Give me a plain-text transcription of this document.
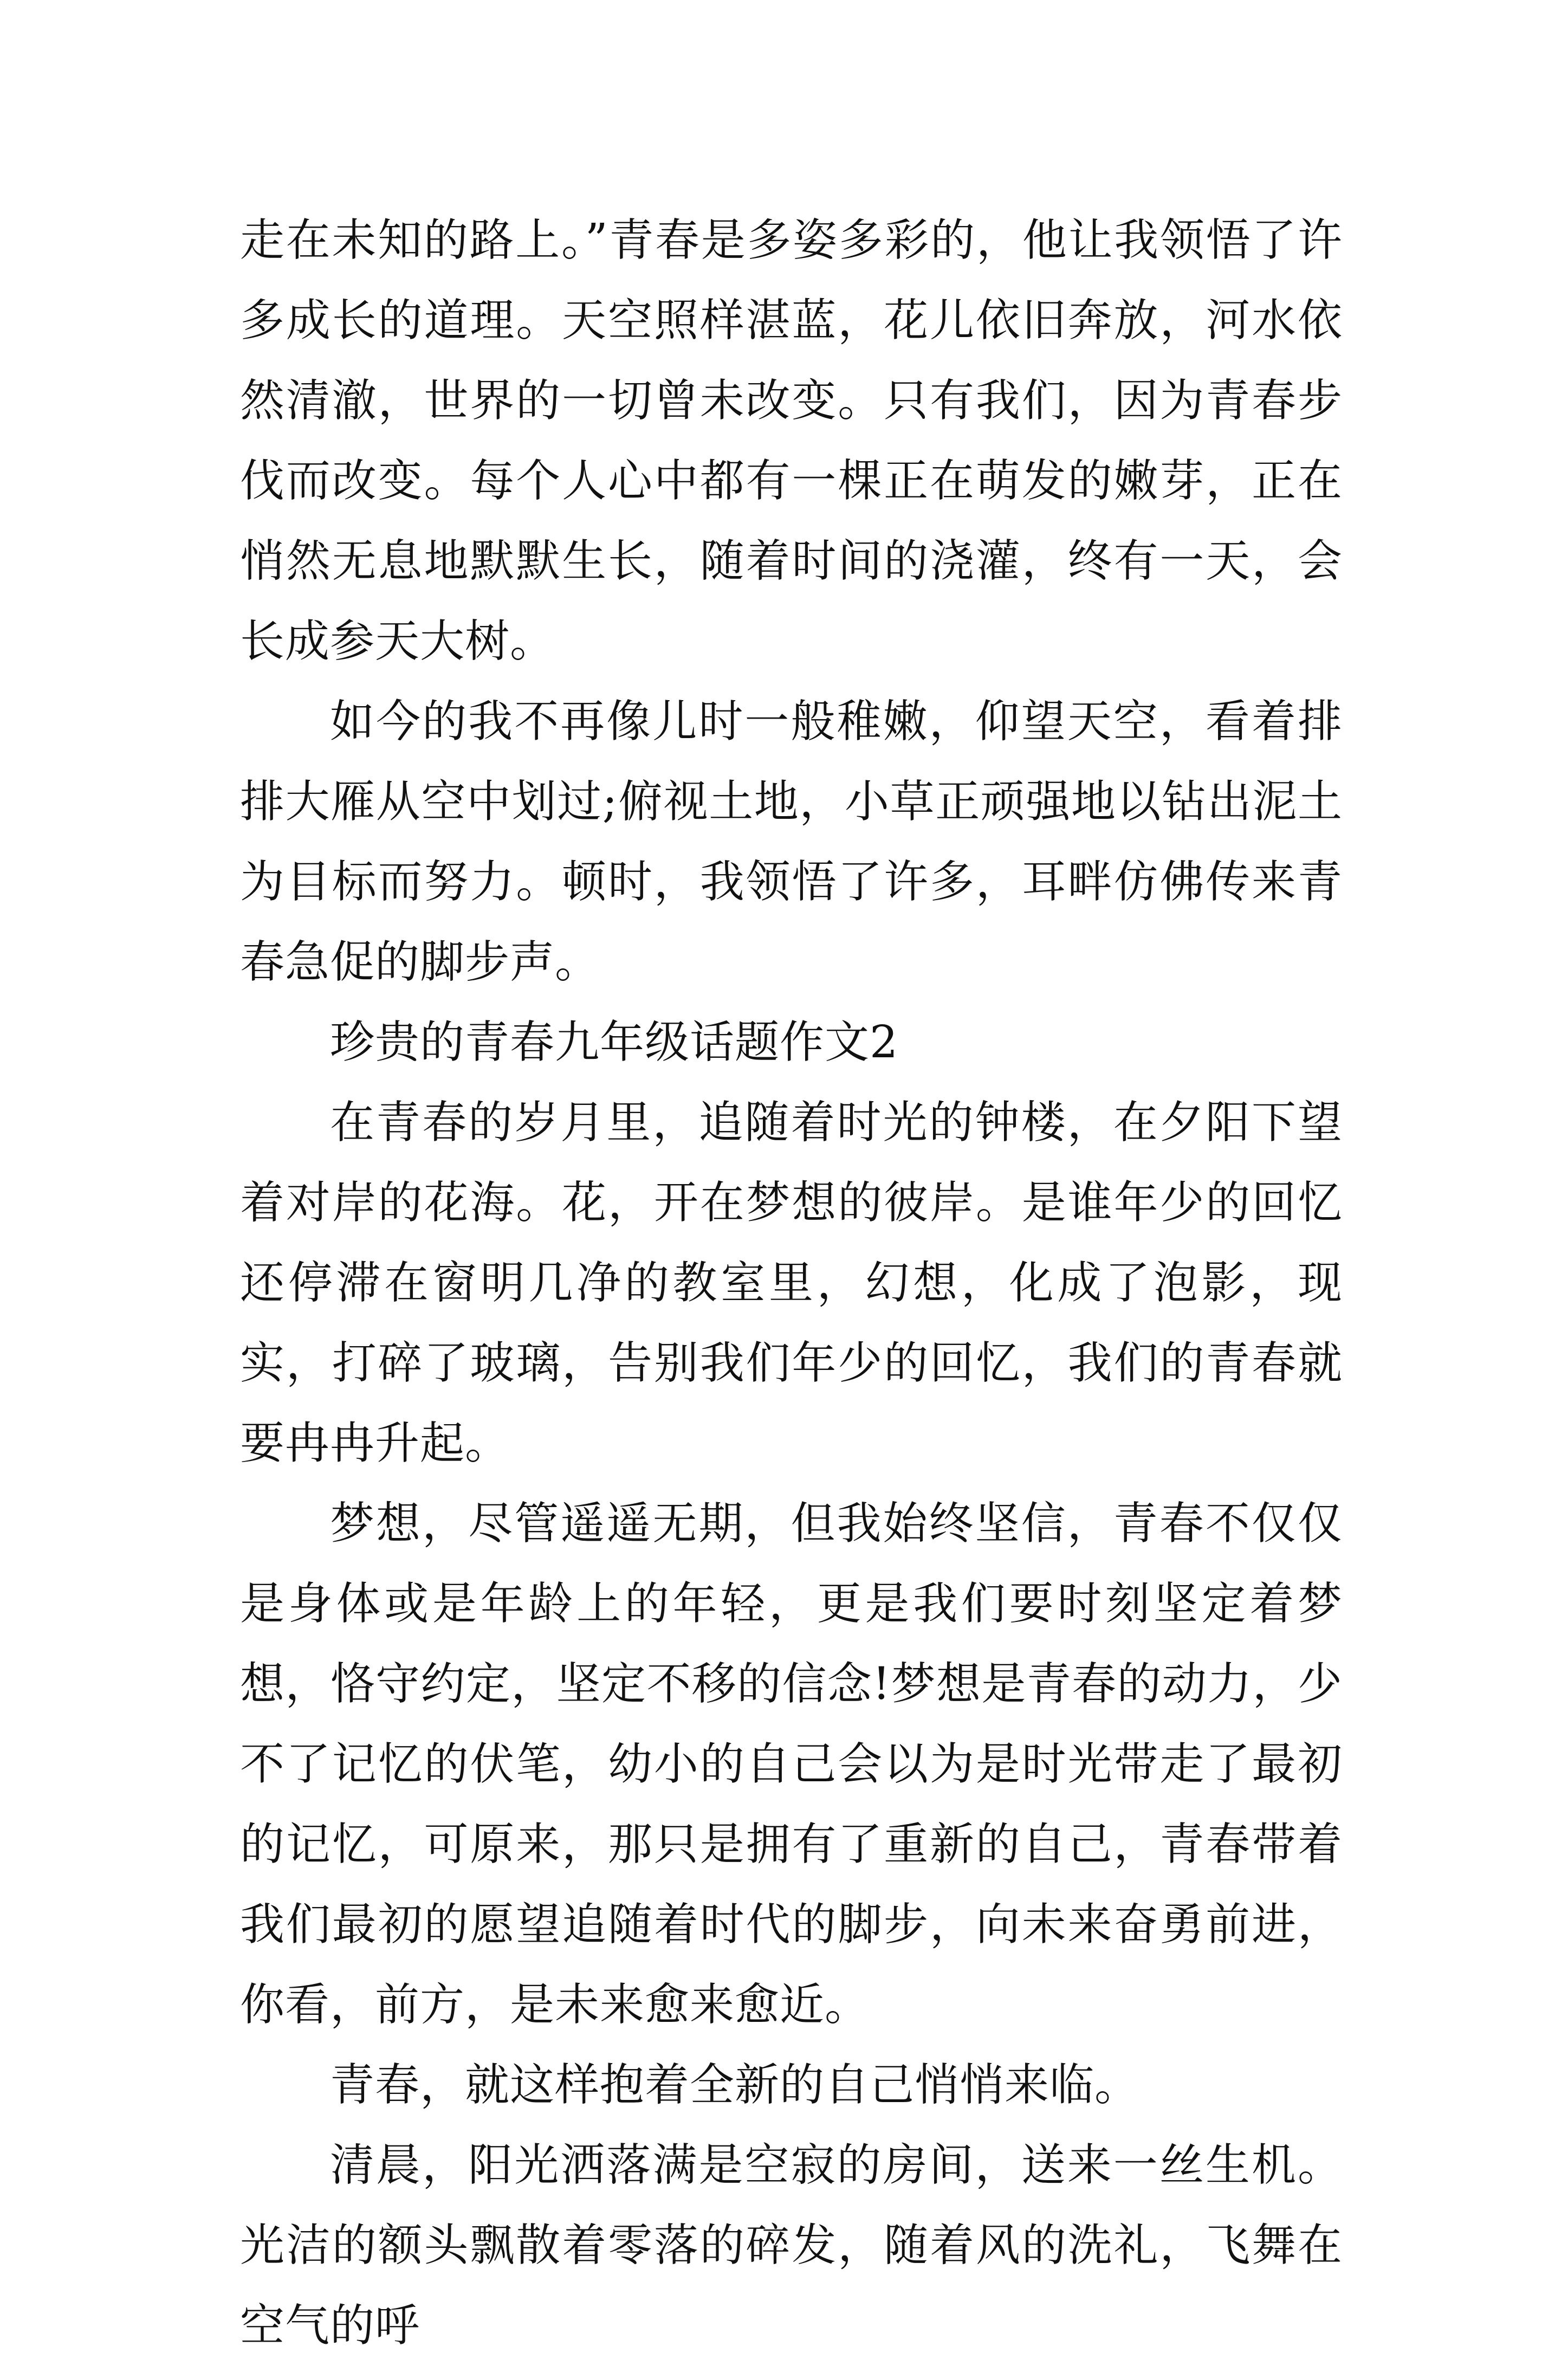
走在未知的路上。”青春是多姿多彩的，他让我领悟了许多成长的道理。天空照样湛蓝，花儿依旧奔放，河水依然清澈，世界的一切曾未改变。只有我们，因为青春步伐而改变。每个人心中都有一棵正在萌发的嫩芽，正在悄然无息地默默生长，随着时间的浇灌，终有一天，会长成参天大树。

如今的我不再像儿时一般稚嫩，仰望天空，看着排排大雁从空中划过;俯视土地，小草正顽强地以钻出泥土为目标而努力。顿时，我领悟了许多，耳畔仿佛传来青春急促的脚步声。

珍贵的青春九年级话题作文2

在青春的岁月里，追随着时光的钟楼，在夕阳下望着对岸的花海。花，开在梦想的彼岸。是谁年少的回忆还停滞在窗明几净的教室里，幻想，化成了泡影，现实，打碎了玻璃，告别我们年少的回忆，我们的青春就要冉冉升起。

梦想，尽管遥遥无期，但我始终坚信，青春不仅仅是身体或是年龄上的年轻，更是我们要时刻坚定着梦想，恪守约定，坚定不移的信念!梦想是青春的动力，少不了记忆的伏笔，幼小的自己会以为是时光带走了最初的记忆，可原来，那只是拥有了重新的自己，青春带着我们最初的愿望追随着时代的脚步，向未来奋勇前进，你看，前方，是未来愈来愈近。

青春，就这样抱着全新的自己悄悄来临。

清晨，阳光洒落满是空寂的房间，送来一丝生机。光洁的额头飘散着零落的碎发，随着风的洗礼，飞舞在空气的呼
